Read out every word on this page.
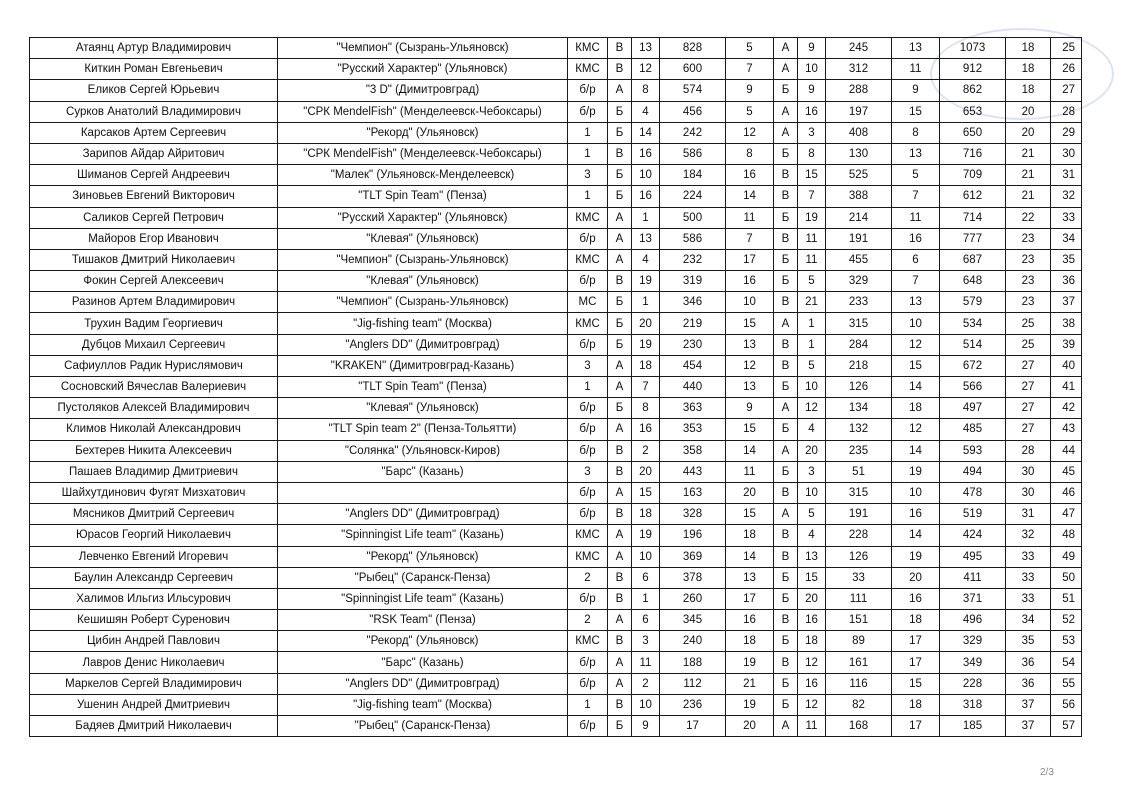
Атаянц Артур Владимирович	"Чемпион" (Сызрань-Ульяновск)	КМС	В	13	828	5	А	9	245	13	1073	18	25
Киткин Роман Евгеньевич	"Русский Характер" (Ульяновск)	КМС	В	12	600	7	А	10	312	11	912	18	26
Еликов Сергей Юрьевич	"3 D" (Димитровград)	б/р	А	8	574	9	Б	9	288	9	862	18	27
Сурков Анатолий Владимирович	"СРК MendelFish" (Менделеевск-Чебоксары)	б/р	Б	4	456	5	А	16	197	15	653	20	28
Карсаков Артем Сергеевич	"Рекорд" (Ульяновск)	1	Б	14	242	12	А	3	408	8	650	20	29
Зарипов Айдар Айритович	"СРК MendelFish" (Менделеевск-Чебоксары)	1	В	16	586	8	Б	8	130	13	716	21	30
Шиманов Сергей Андреевич	"Малек" (Ульяновск-Менделеевск)	3	Б	10	184	16	В	15	525	5	709	21	31
Зиновьев Евгений Викторович	"TLT Spin Team" (Пенза)	1	Б	16	224	14	В	7	388	7	612	21	32
Саликов Сергей Петрович	"Русский Характер" (Ульяновск)	КМС	А	1	500	11	Б	19	214	11	714	22	33
Майоров Егор Иванович	"Клевая" (Ульяновск)	б/р	А	13	586	7	В	11	191	16	777	23	34
Тишаков Дмитрий Николаевич	"Чемпион" (Сызрань-Ульяновск)	КМС	А	4	232	17	Б	11	455	6	687	23	35
Фокин Сергей Алексеевич	"Клевая" (Ульяновск)	б/р	В	19	319	16	Б	5	329	7	648	23	36
Разинов Артем Владимирович	"Чемпион" (Сызрань-Ульяновск)	МС	Б	1	346	10	В	21	233	13	579	23	37
Трухин Вадим Георгиевич	"Jig-fishing team" (Москва)	КМС	Б	20	219	15	А	1	315	10	534	25	38
Дубцов Михаил Сергеевич	"Anglers DD" (Димитровград)	б/р	Б	19	230	13	В	1	284	12	514	25	39
Сафиуллов Радик Нурислямович	"KRAKEN" (Димитровград-Казань)	3	А	18	454	12	В	5	218	15	672	27	40
Сосновский Вячеслав Валериевич	"TLT Spin Team" (Пенза)	1	А	7	440	13	Б	10	126	14	566	27	41
Пустоляков Алексей Владимирович	"Клевая" (Ульяновск)	б/р	Б	8	363	9	А	12	134	18	497	27	42
Климов Николай Александрович	"TLT Spin team 2" (Пенза-Тольятти)	б/р	А	16	353	15	Б	4	132	12	485	27	43
Бехтерев Никита Алексеевич	"Солянка" (Ульяновск-Киров)	б/р	В	2	358	14	А	20	235	14	593	28	44
Пашаев Владимир Дмитриевич	"Барс" (Казань)	3	В	20	443	11	Б	3	51	19	494	30	45
Шайхутдинович Фугят Мизхатович		б/р	А	15	163	20	В	10	315	10	478	30	46
Мясников Дмитрий Сергеевич	"Anglers DD" (Димитровград)	б/р	В	18	328	15	А	5	191	16	519	31	47
Юрасов Георгий Николаевич	"Spinningist Life team" (Казань)	КМС	А	19	196	18	В	4	228	14	424	32	48
Левченко Евгений Игоревич	"Рекорд" (Ульяновск)	КМС	А	10	369	14	В	13	126	19	495	33	49
Баулин Александр Сергеевич	"Рыбец" (Саранск-Пенза)	2	В	6	378	13	Б	15	33	20	411	33	50
Халимов Ильгиз Ильсурович	"Spinningist Life team" (Казань)	б/р	В	1	260	17	Б	20	111	16	371	33	51
Кешишян Роберт Суренович	"RSK Team" (Пенза)	2	А	6	345	16	В	16	151	18	496	34	52
Цибин Андрей Павлович	"Рекорд" (Ульяновск)	КМС	В	3	240	18	Б	18	89	17	329	35	53
Лавров Денис Николаевич	"Барс" (Казань)	б/р	А	11	188	19	В	12	161	17	349	36	54
Маркелов Сергей Владимирович	"Anglers DD" (Димитровград)	б/р	А	2	112	21	Б	16	116	15	228	36	55
Ушенин Андрей Дмитриевич	"Jig-fishing team" (Москва)	1	В	10	236	19	Б	12	82	18	318	37	56
Бадяев Дмитрий Николаевич	"Рыбец" (Саранск-Пенза)	б/р	Б	9	17	20	А	11	168	17	185	37	57
2/3
